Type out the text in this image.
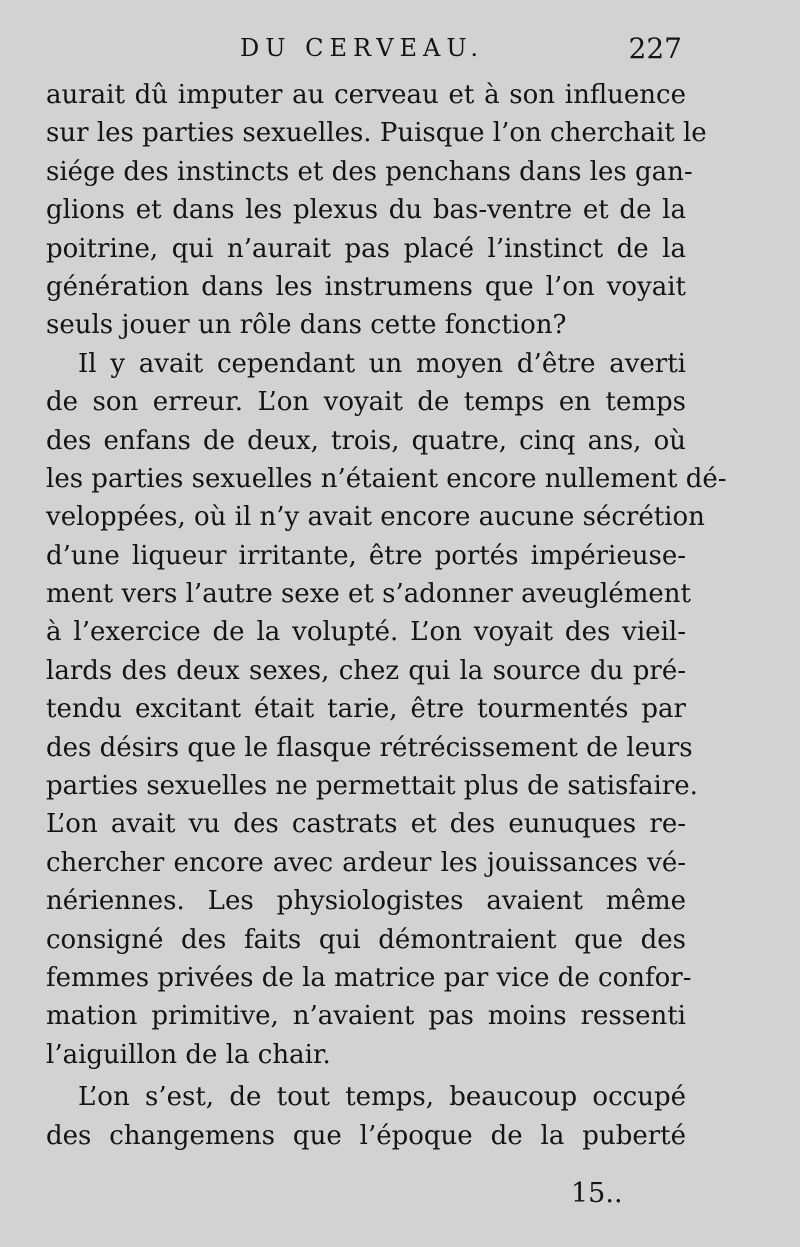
DU CERVEAU.	227
aurait dû imputer au cerveau et à son influence
sur les parties sexuelles. Puisque l’on cherchait le
siége des instincts et des penchans dans les gan-
glions et dans les plexus du bas-ventre et de la
poitrine, qui n’aurait pas placé l’instinct de la
génération dans les instrumens que l’on voyait
seuls jouer un rôle dans cette fonction?
Il y avait cependant un moyen d’être averti
de son erreur. L’on voyait de temps en temps
des enfans de deux, trois, quatre, cinq ans, où
les parties sexuelles n’étaient encore nullement dé-
veloppées, où il n’y avait encore aucune sécrétion
d’une liqueur irritante, être portés impérieuse-
ment vers l’autre sexe et s’adonner aveuglément
à l’exercice de la volupté. L’on voyait des vieil-
lards des deux sexes, chez qui la source du pré-
tendu excitant était tarie, être tourmentés par
des désirs que le flasque rétrécissement de leurs
parties sexuelles ne permettait plus de satisfaire.
L’on avait vu des castrats et des eunuques re-
chercher encore avec ardeur les jouissances vé-
nériennes. Les physiologistes avaient même
consigné des faits qui démontraient que des
femmes privées de la matrice par vice de confor-
mation primitive, n’avaient pas moins ressenti
l’aiguillon de la chair.
L’on s’est, de tout temps, beaucoup occupé
des changemens que l’époque de la puberté
15..
